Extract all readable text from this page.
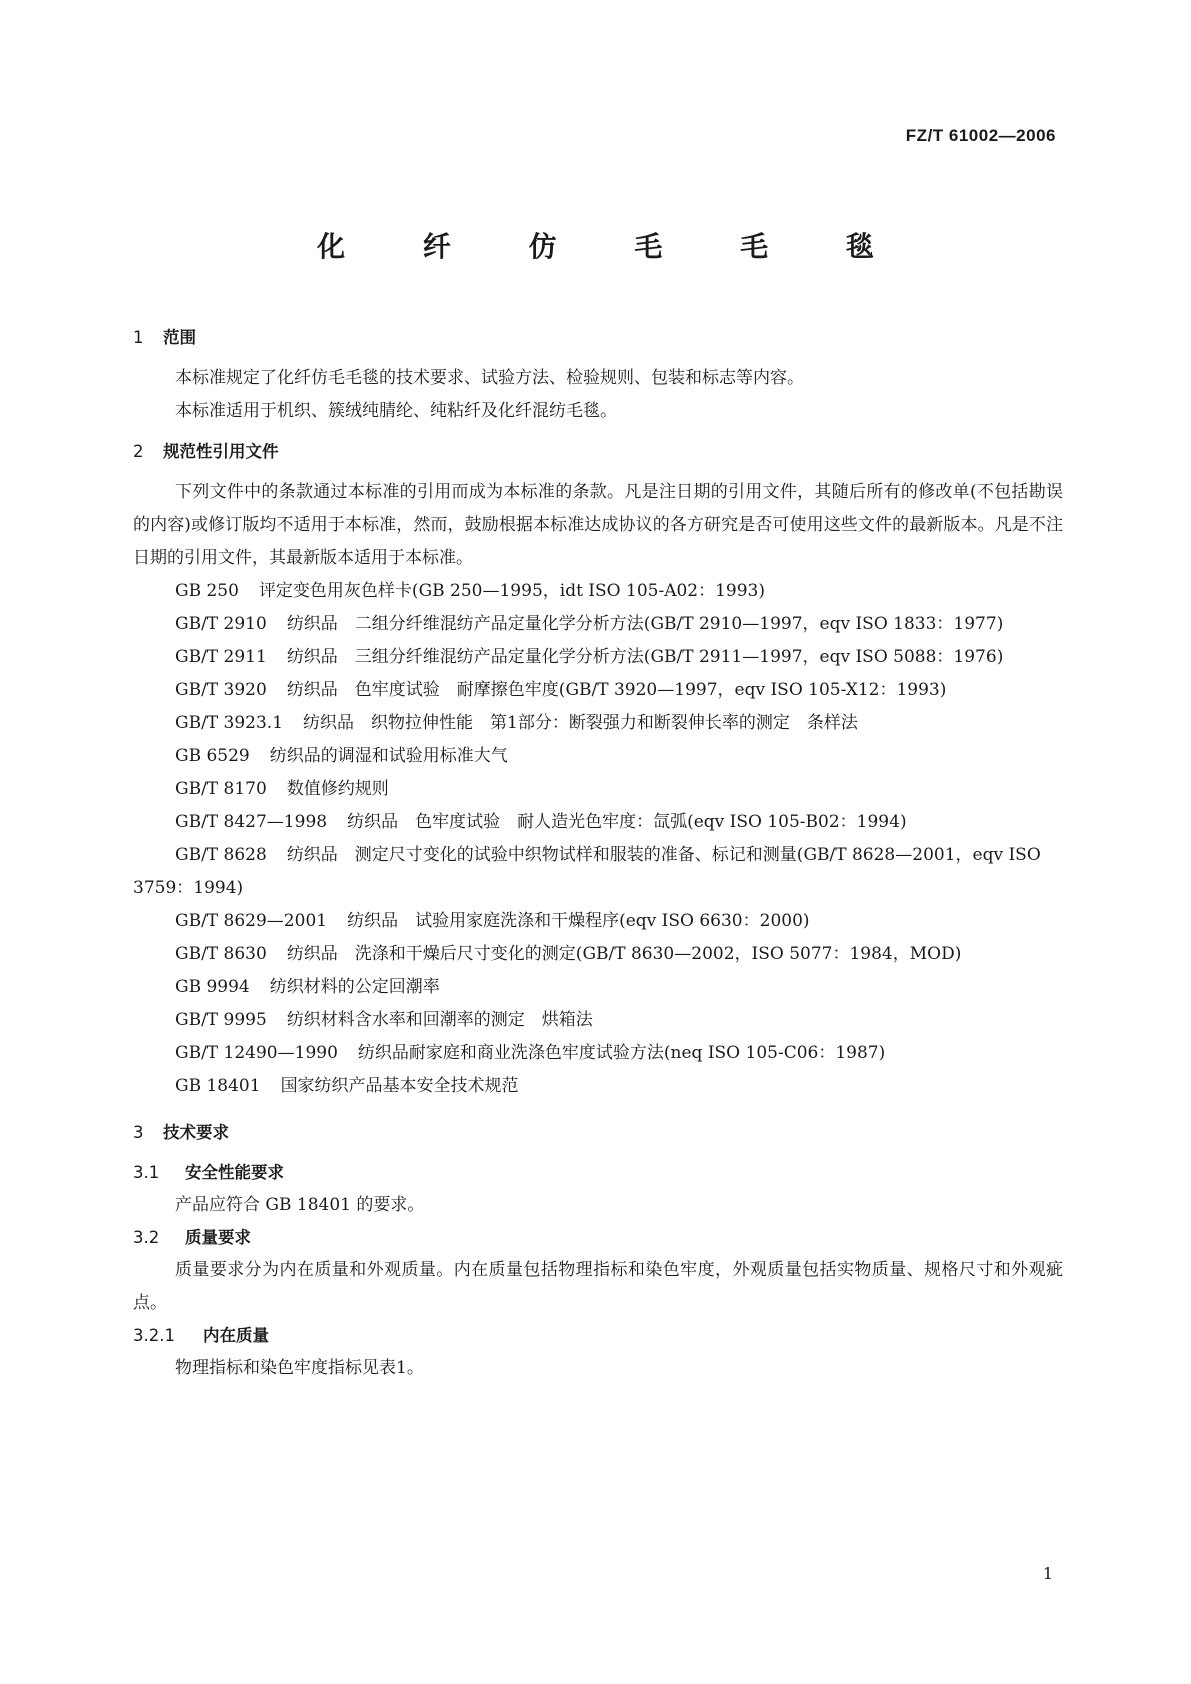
FZ/T 61002—2006
化 纤 仿 毛 毛 毯
1 范围

本标准规定了化纤仿毛毛毯的技术要求、试验方法、检验规则、包装和标志等内容。

本标准适用于机织、簇绒纯腈纶、纯粘纤及化纤混纺毛毯。

2 规范性引用文件

下列文件中的条款通过本标准的引用而成为本标准的条款。凡是注日期的引用文件，其随后所有的修改单(不包括勘误的内容)或修订版均不适用于本标准，然而，鼓励根据本标准达成协议的各方研究是否可使用这些文件的最新版本。凡是不注日期的引用文件，其最新版本适用于本标准。

GB 250 评定变色用灰色样卡(GB 250—1995，idt ISO 105-A02：1993)

GB/T 2910 纺织品　二组分纤维混纺产品定量化学分析方法(GB/T 2910—1997，eqv ISO 1833：1977)

GB/T 2911 纺织品　三组分纤维混纺产品定量化学分析方法(GB/T 2911—1997，eqv ISO 5088：1976)

GB/T 3920 纺织品　色牢度试验　耐摩擦色牢度(GB/T 3920—1997，eqv ISO 105-X12：1993)

GB/T 3923.1 纺织品　织物拉伸性能　第1部分：断裂强力和断裂伸长率的测定　条样法

GB 6529 纺织品的调湿和试验用标准大气

GB/T 8170 数值修约规则

GB/T 8427—1998 纺织品　色牢度试验　耐人造光色牢度：氙弧(eqv ISO 105-B02：1994)

GB/T 8628 纺织品　测定尺寸变化的试验中织物试样和服装的准备、标记和测量(GB/T 8628—2001，eqv ISO 3759：1994)

GB/T 8629—2001 纺织品　试验用家庭洗涤和干燥程序(eqv ISO 6630：2000)

GB/T 8630 纺织品　洗涤和干燥后尺寸变化的测定(GB/T 8630—2002，ISO 5077：1984，MOD)

GB 9994 纺织材料的公定回潮率

GB/T 9995 纺织材料含水率和回潮率的测定　烘箱法

GB/T 12490—1990 纺织品耐家庭和商业洗涤色牢度试验方法(neq ISO 105-C06：1987)

GB 18401 国家纺织产品基本安全技术规范

3 技术要求
3.1 安全性能要求

产品应符合 GB 18401 的要求。

3.2 质量要求

质量要求分为内在质量和外观质量。内在质量包括物理指标和染色牢度，外观质量包括实物质量、规格尺寸和外观疵点。

3.2.1 内在质量

物理指标和染色牢度指标见表1。

1
